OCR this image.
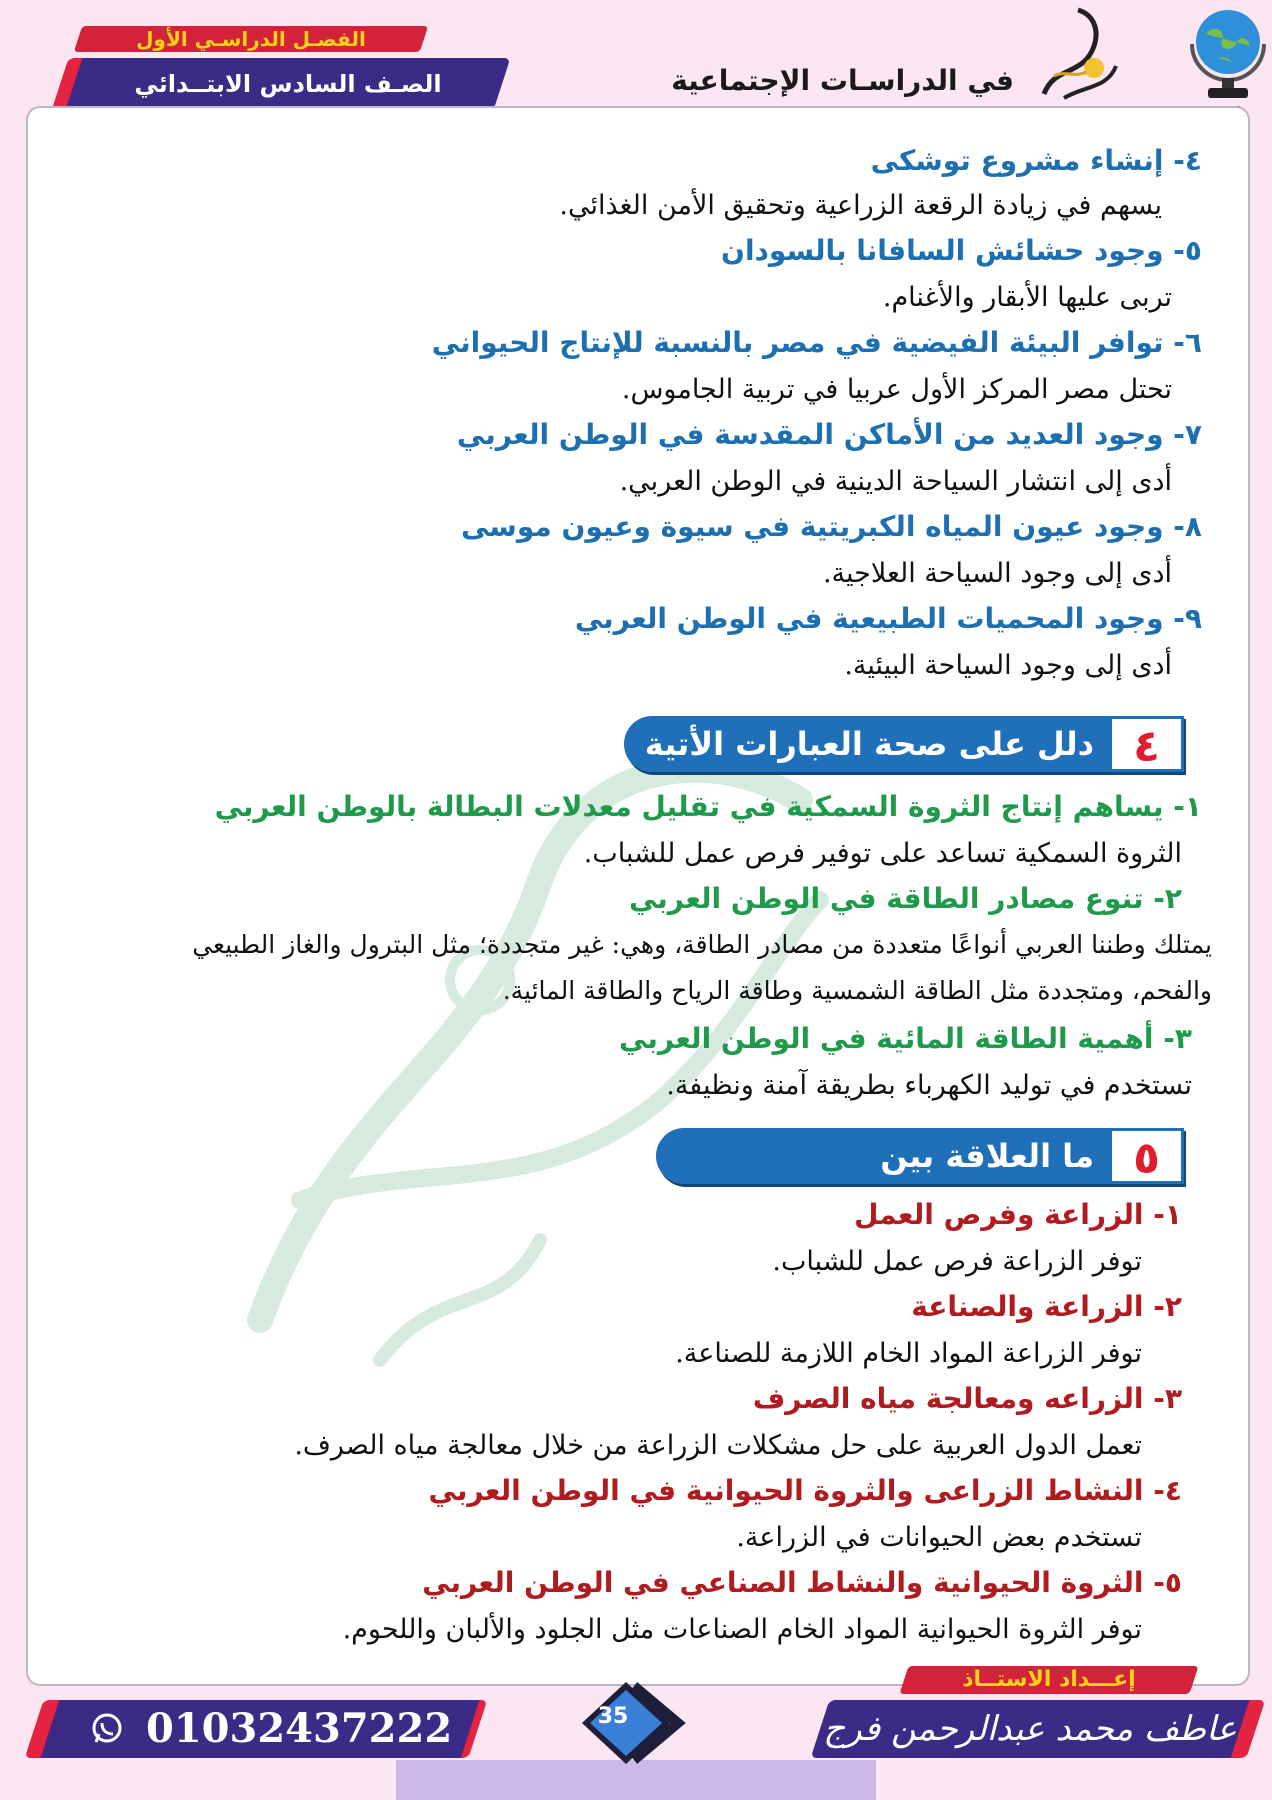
الفصـل الدراسـي الأول
الصـف السادس الابتــدائي	في الدراسـات الإجتماعية
٤- إنشاء مشروع توشكى
يسهم في زيادة الرقعة الزراعية وتحقيق الأمن الغذائي.
٥- وجود حشائش السافانا بالسودان
تربى عليها الأبقار والأغنام.
٦- توافر البيئة الفيضية في مصر بالنسبة للإنتاج الحيواني
تحتل مصر المركز الأول عربيا في تربية الجاموس.
٧- وجود العديد من الأماكن المقدسة في الوطن العربي
أدى إلى انتشار السياحة الدينية في الوطن العربي.
٨- وجود عيون المياه الكبريتية في سيوة وعيون موسى
أدى إلى وجود السياحة العلاجية.
٩- وجود المحميات الطبيعية في الوطن العربي
أدى إلى وجود السياحة البيئية.
٤
دلل على صحة العبارات الأتية
١- يساهم إنتاج الثروة السمكية في تقليل معدلات البطالة بالوطن العربي
الثروة السمكية تساعد على توفير فرص عمل للشباب.
٢- تنوع مصادر الطاقة في الوطن العربي
يمتلك وطننا العربي أنواعًا متعددة من مصادر الطاقة، وهي: غير متجددة؛ مثل البترول والغاز الطبيعي
والفحم، ومتجددة مثل الطاقة الشمسية وطاقة الرياح والطاقة المائية.
٣- أهمية الطاقة المائية في الوطن العربي
تستخدم في توليد الكهرباء بطريقة آمنة ونظيفة.
٥
ما العلاقة بين
١- الزراعة وفرص العمل
توفر الزراعة فرص عمل للشباب.
٢- الزراعة والصناعة
توفر الزراعة المواد الخام اللازمة للصناعة.
٣- الزراعه ومعالجة مياه الصرف
تعمل الدول العربية على حل مشكلات الزراعة من خلال معالجة مياه الصرف.
٤- النشاط الزراعى والثروة الحيوانية في الوطن العربي
تستخدم بعض الحيوانات في الزراعة.
٥- الثروة الحيوانية والنشاط الصناعي في الوطن العربي
توفر الثروة الحيوانية المواد الخام الصناعات مثل الجلود والألبان واللحوم.
01032437222	35
إعـــداد الاستــاذ
عاطف محمد عبدالرحمن فرج
